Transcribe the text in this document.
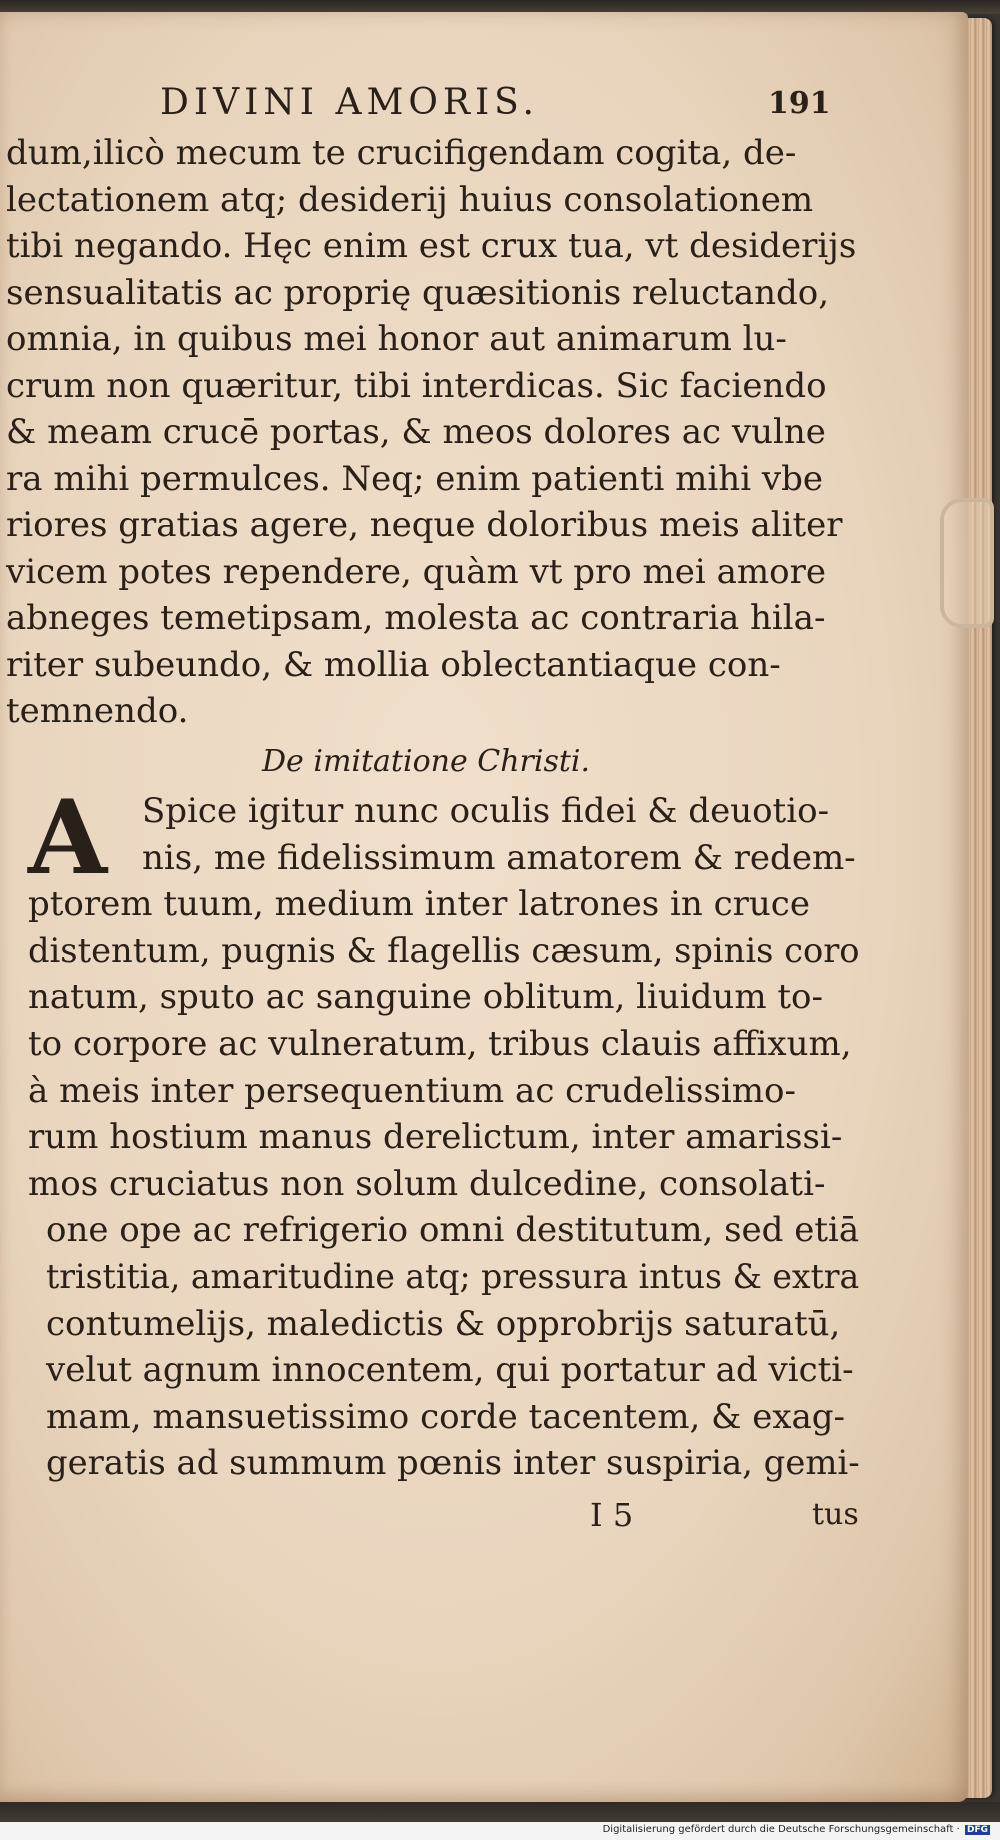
DIVINI AMORIS.	191
dum,ilicò mecum te crucifigendam cogita, de-
lectationem atq; desiderij huius consolationem
tibi negando. Hęc enim est crux tua, vt desiderijs
sensualitatis ac proprię quæsitionis reluctando,
omnia, in quibus mei honor aut animarum lu-
crum non quæritur, tibi interdicas. Sic faciendo
& meam crucē portas, & meos dolores ac vulne
ra mihi permulces. Neq; enim patienti mihi vbe
riores gratias agere, neque doloribus meis aliter
vicem potes rependere, quàm vt pro mei amore
abneges temetipsam, molesta ac contraria hila-
riter subeundo, & mollia oblectantiaque con-
temnendo.
De imitatione Christi.
A Spice igitur nunc oculis fidei & deuotio-
nis, me fidelissimum amatorem & redem-
ptorem tuum, medium inter latrones in cruce
distentum, pugnis & flagellis cæsum, spinis coro
natum, sputo ac sanguine oblitum, liuidum to-
to corpore ac vulneratum, tribus clauis affixum,
à meis inter persequentium ac crudelissimo-
rum hostium manus derelictum, inter amarissi-
mos cruciatus non solum dulcedine, consolati-
one ope ac refrigerio omni destitutum, sed etiā
tristitia, amaritudine atq; pressura intus & extra
contumelijs, maledictis & opprobrijs saturatū,
velut agnum innocentem, qui portatur ad victi-
mam, mansuetissimo corde tacentem, & exag-
geratis ad summum pœnis inter suspiria, gemi-
I 5	tus
Digitalisierung gefördert durch die Deutsche Forschungsgemeinschaft · DFG
